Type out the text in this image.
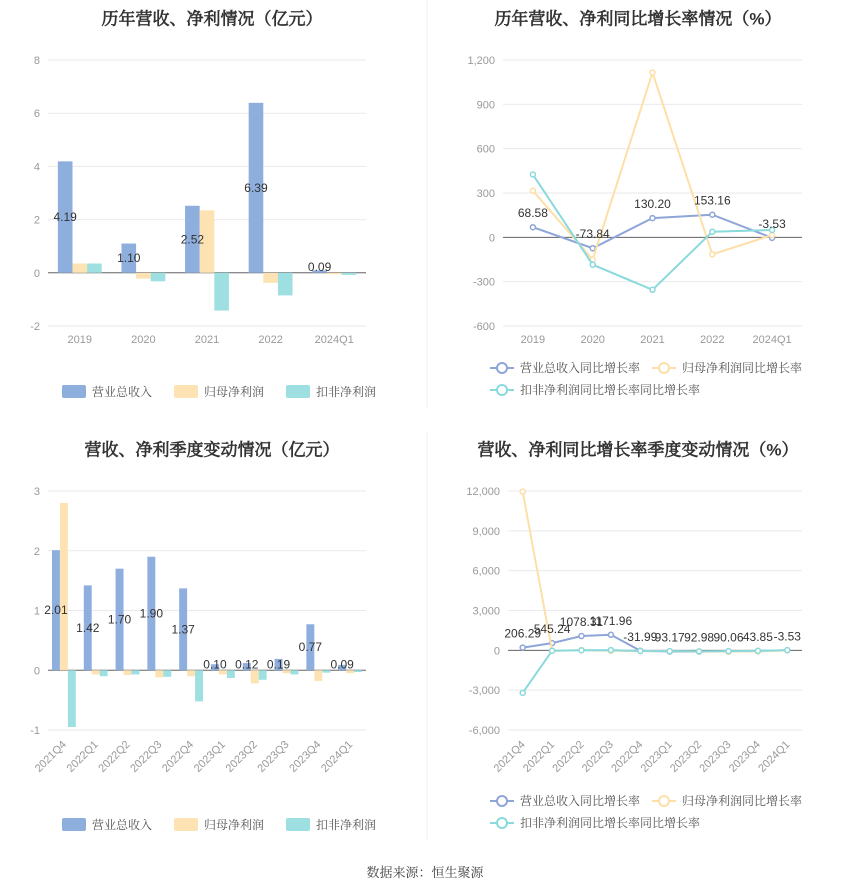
历年营收、净利情况（亿元）
8
6
4
2
0
-2
2019	2020	2021	2022	2024Q1
4.19
1.10
2.52
6.39
0.09
营业总收入	归母净利润	扣非净利润
历年营收、净利同比增长率情况（%）
1,200
900
600
300
0
-300
-600
2019	2020	2021	2022	2024Q1
68.58
-73.84
130.20 153.16
-3.53
营业总收入同比增长率	归母净利润同比增长率
扣非净利润同比增长率同比增长率
营收、净利季度变动情况（亿元）
3
2
1
0
-1
2021Q4
2022Q1
2022Q2
2022Q3
2022Q4
2023Q1
2023Q2
2023Q3
2023Q4
2024Q1
2.01
1.42
1.70 1.90
1.37
0.10 0.12 0.19
0.77
0.09
营业总收入	归母净利润	扣非净利润
营收、净利同比增长率季度变动情况（%）
12,000
9,000
6,000
3,000
0
-3,000
-6,000
2021Q4
2022Q1
2022Q2
2022Q3
2022Q4
2023Q1
2023Q2
2023Q3
2023Q4
2024Q1
206.29
545.24
1078.31
1171.96
-31.99
93.17 92.98 90.06 43.85 -3.53
营业总收入同比增长率	归母净利润同比增长率
扣非净利润同比增长率同比增长率
数据来源：恒生聚源
